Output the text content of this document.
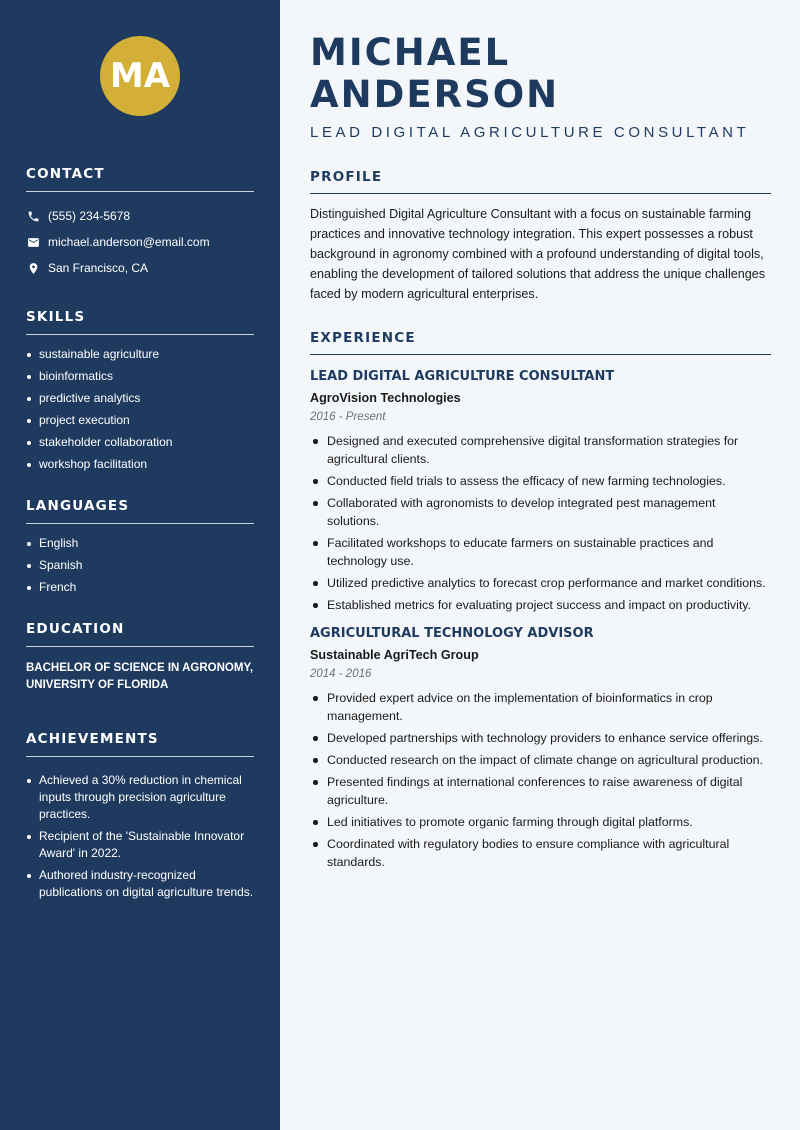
MA
CONTACT
(555) 234-5678
michael.anderson@email.com
San Francisco, CA
SKILLS
sustainable agriculture
bioinformatics
predictive analytics
project execution
stakeholder collaboration
workshop facilitation
LANGUAGES
English
Spanish
French
EDUCATION
BACHELOR OF SCIENCE IN AGRONOMY, UNIVERSITY OF FLORIDA
ACHIEVEMENTS
Achieved a 30% reduction in chemical inputs through precision agriculture practices.
Recipient of the 'Sustainable Innovator Award' in 2022.
Authored industry-recognized publications on digital agriculture trends.
MICHAEL ANDERSON
LEAD DIGITAL AGRICULTURE CONSULTANT
PROFILE

Distinguished Digital Agriculture Consultant with a focus on sustainable farming practices and innovative technology integration. This expert possesses a robust background in agronomy combined with a profound understanding of digital tools, enabling the development of tailored solutions that address the unique challenges faced by modern agricultural enterprises.

EXPERIENCE
LEAD DIGITAL AGRICULTURE CONSULTANT
AgroVision Technologies
2016 - Present
Designed and executed comprehensive digital transformation strategies for agricultural clients.
Conducted field trials to assess the efficacy of new farming technologies.
Collaborated with agronomists to develop integrated pest management solutions.
Facilitated workshops to educate farmers on sustainable practices and technology use.
Utilized predictive analytics to forecast crop performance and market conditions.
Established metrics for evaluating project success and impact on productivity.
AGRICULTURAL TECHNOLOGY ADVISOR
Sustainable AgriTech Group
2014 - 2016
Provided expert advice on the implementation of bioinformatics in crop management.
Developed partnerships with technology providers to enhance service offerings.
Conducted research on the impact of climate change on agricultural production.
Presented findings at international conferences to raise awareness of digital agriculture.
Led initiatives to promote organic farming through digital platforms.
Coordinated with regulatory bodies to ensure compliance with agricultural standards.
